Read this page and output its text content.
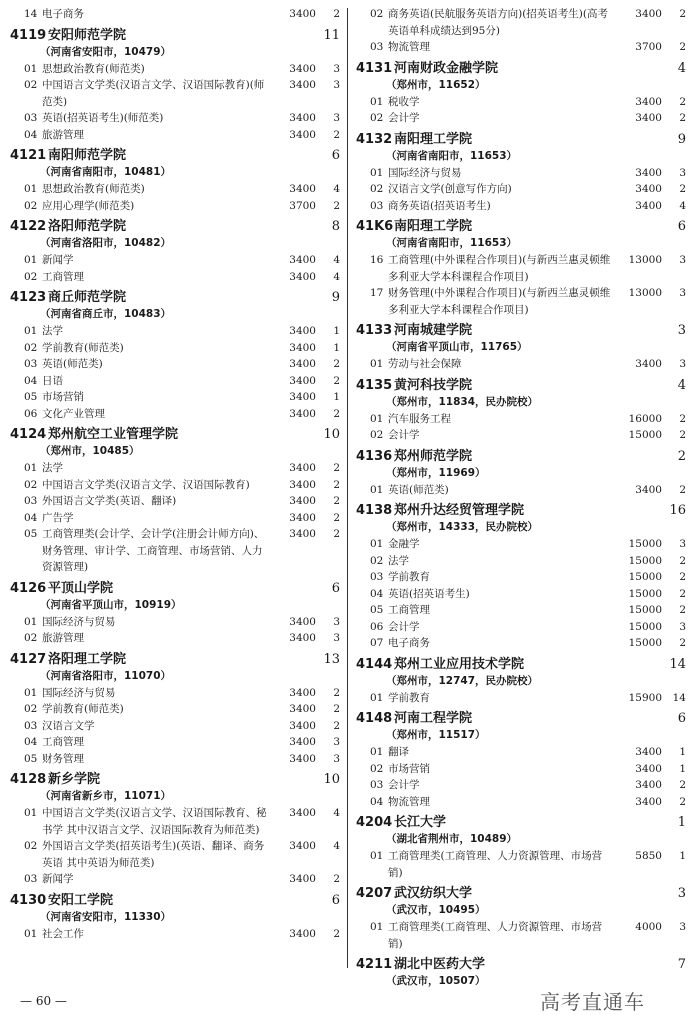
14 电子商务	3400	2
4119 安阳师范学院	11
（河南省安阳市，10479）
01 思想政治教育(师范类)	3400	3
02 中国语言文学类(汉语言文学、汉语国际教育)(师范类)
3400	3
03 英语(招英语考生)(师范类)	3400	3
04 旅游管理	3400	2
4121 南阳师范学院	6
（河南省南阳市，10481）
01 思想政治教育(师范类)	3400	4
02 应用心理学(师范类)	3700	2
4122 洛阳师范学院	8
（河南省洛阳市，10482）
01 新闻学	3400	4
02 工商管理	3400	4
4123 商丘师范学院	9
（河南省商丘市，10483）
01 法学	3400	1
02 学前教育(师范类)	3400	1
03 英语(师范类)	3400	2
04 日语	3400	2
05 市场营销	3400	1
06 文化产业管理	3400	2
4124 郑州航空工业管理学院	10
（郑州市，10485）
01 法学	3400	2
02 中国语言文学类(汉语言文学、汉语国际教育)	3400	2
03 外国语言文学类(英语、翻译)	3400	2
04 广告学	3400	2
05 工商管理类(会计学、会计学(注册会计师方向)、财务管理、审计学、工商管理、市场营销、人力资源管理)
3400	2
4126 平顶山学院	6
（河南省平顶山市，10919）
01 国际经济与贸易	3400	3
02 旅游管理	3400	3
4127 洛阳理工学院	13
（河南省洛阳市，11070）
01 国际经济与贸易	3400	2
02 学前教育(师范类)	3400	2
03 汉语言文学	3400	2
04 工商管理	3400	3
05 财务管理	3400	3
4128 新乡学院	10
（河南省新乡市，11071）
01 中国语言文学类(汉语言文学、汉语国际教育、秘书学 其中汉语言文学、汉语国际教育为师范类)
3400	4
02 外国语言文学类(招英语考生)(英语、翻译、商务英语 其中英语为师范类)
3400	4
03 新闻学	3400	2
4130 安阳工学院	6
（河南省安阳市，11330）
01 社会工作	3400	2
02 商务英语(民航服务英语方向)(招英语考生)(高考英语单科成绩达到95分)
3400	2
03 物流管理	3700	2
4131 河南财政金融学院	4
（郑州市，11652）
01 税收学	3400	2
02 会计学	3400	2
4132 南阳理工学院	9
（河南省南阳市，11653）
01 国际经济与贸易	3400	3
02 汉语言文学(创意写作方向)	3400	2
03 商务英语(招英语考生)	3400	4
41K6 南阳理工学院	6
（河南省南阳市，11653）
16 工商管理(中外课程合作项目)(与新西兰惠灵顿维多利亚大学本科课程合作项目)
13000	3
17 财务管理(中外课程合作项目)(与新西兰惠灵顿维多利亚大学本科课程合作项目)
13000	3
4133 河南城建学院	3
（河南省平顶山市，11765）
01 劳动与社会保障	3400	3
4135 黄河科技学院	4
（郑州市，11834，民办院校）
01 汽车服务工程	16000	2
02 会计学	15000	2
4136 郑州师范学院	2
（郑州市，11969）
01 英语(师范类)	3400	2
4138 郑州升达经贸管理学院	16
（郑州市，14333，民办院校）
01 金融学	15000	3
02 法学	15000	2
03 学前教育	15000	2
04 英语(招英语考生)	15000	2
05 工商管理	15000	2
06 会计学	15000	3
07 电子商务	15000	2
4144 郑州工业应用技术学院	14
（郑州市，12747，民办院校）
01 学前教育	15900	14
4148 河南工程学院	6
（郑州市，11517）
01 翻译	3400	1
02 市场营销	3400	1
03 会计学	3400	2
04 物流管理	3400	2
4204 长江大学	1
（湖北省荆州市，10489）
01 工商管理类(工商管理、人力资源管理、市场营销)
5850	1
4207 武汉纺织大学	3
（武汉市，10495）
01 工商管理类(工商管理、人力资源管理、市场营销)
4000	3
4211 湖北中医药大学	7
（武汉市，10507）
— 60 —	高考直通车
